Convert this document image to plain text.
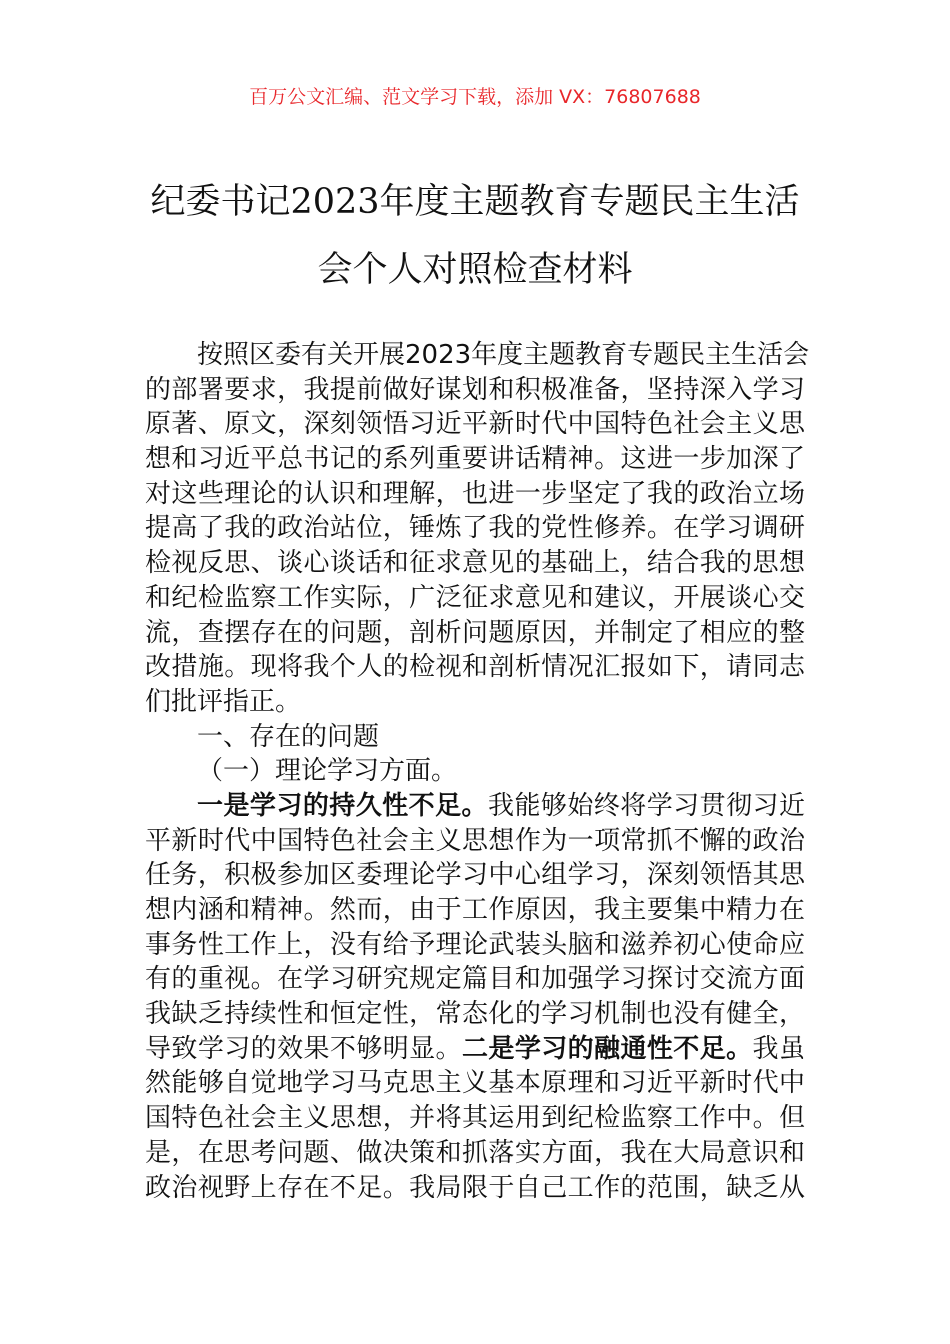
百万公文汇编、范文学习下载，添加 VX：76807688
纪委书记2023年度主题教育专题民主生活
会个人对照检查材料
按照区委有关开展2023年度主题教育专题民主生活会
的部署要求，我提前做好谋划和积极准备，坚持深入学习
原著、原文，深刻领悟习近平新时代中国特色社会主义思
想和习近平总书记的系列重要讲话精神。这进一步加深了
对这些理论的认识和理解，也进一步坚定了我的政治立场
提高了我的政治站位，锤炼了我的党性修养。在学习调研
检视反思、谈心谈话和征求意见的基础上，结合我的思想
和纪检监察工作实际，广泛征求意见和建议，开展谈心交
流，查摆存在的问题，剖析问题原因，并制定了相应的整
改措施。现将我个人的检视和剖析情况汇报如下，请同志
们批评指正。
一、存在的问题
（一）理论学习方面。
一是学习的持久性不足。我能够始终将学习贯彻习近
平新时代中国特色社会主义思想作为一项常抓不懈的政治
任务，积极参加区委理论学习中心组学习，深刻领悟其思
想内涵和精神。然而，由于工作原因，我主要集中精力在
事务性工作上，没有给予理论武装头脑和滋养初心使命应
有的重视。在学习研究规定篇目和加强学习探讨交流方面
我缺乏持续性和恒定性，常态化的学习机制也没有健全，
导致学习的效果不够明显。二是学习的融通性不足。我虽
然能够自觉地学习马克思主义基本原理和习近平新时代中
国特色社会主义思想，并将其运用到纪检监察工作中。但
是，在思考问题、做决策和抓落实方面，我在大局意识和
政治视野上存在不足。我局限于自己工作的范围，缺乏从
